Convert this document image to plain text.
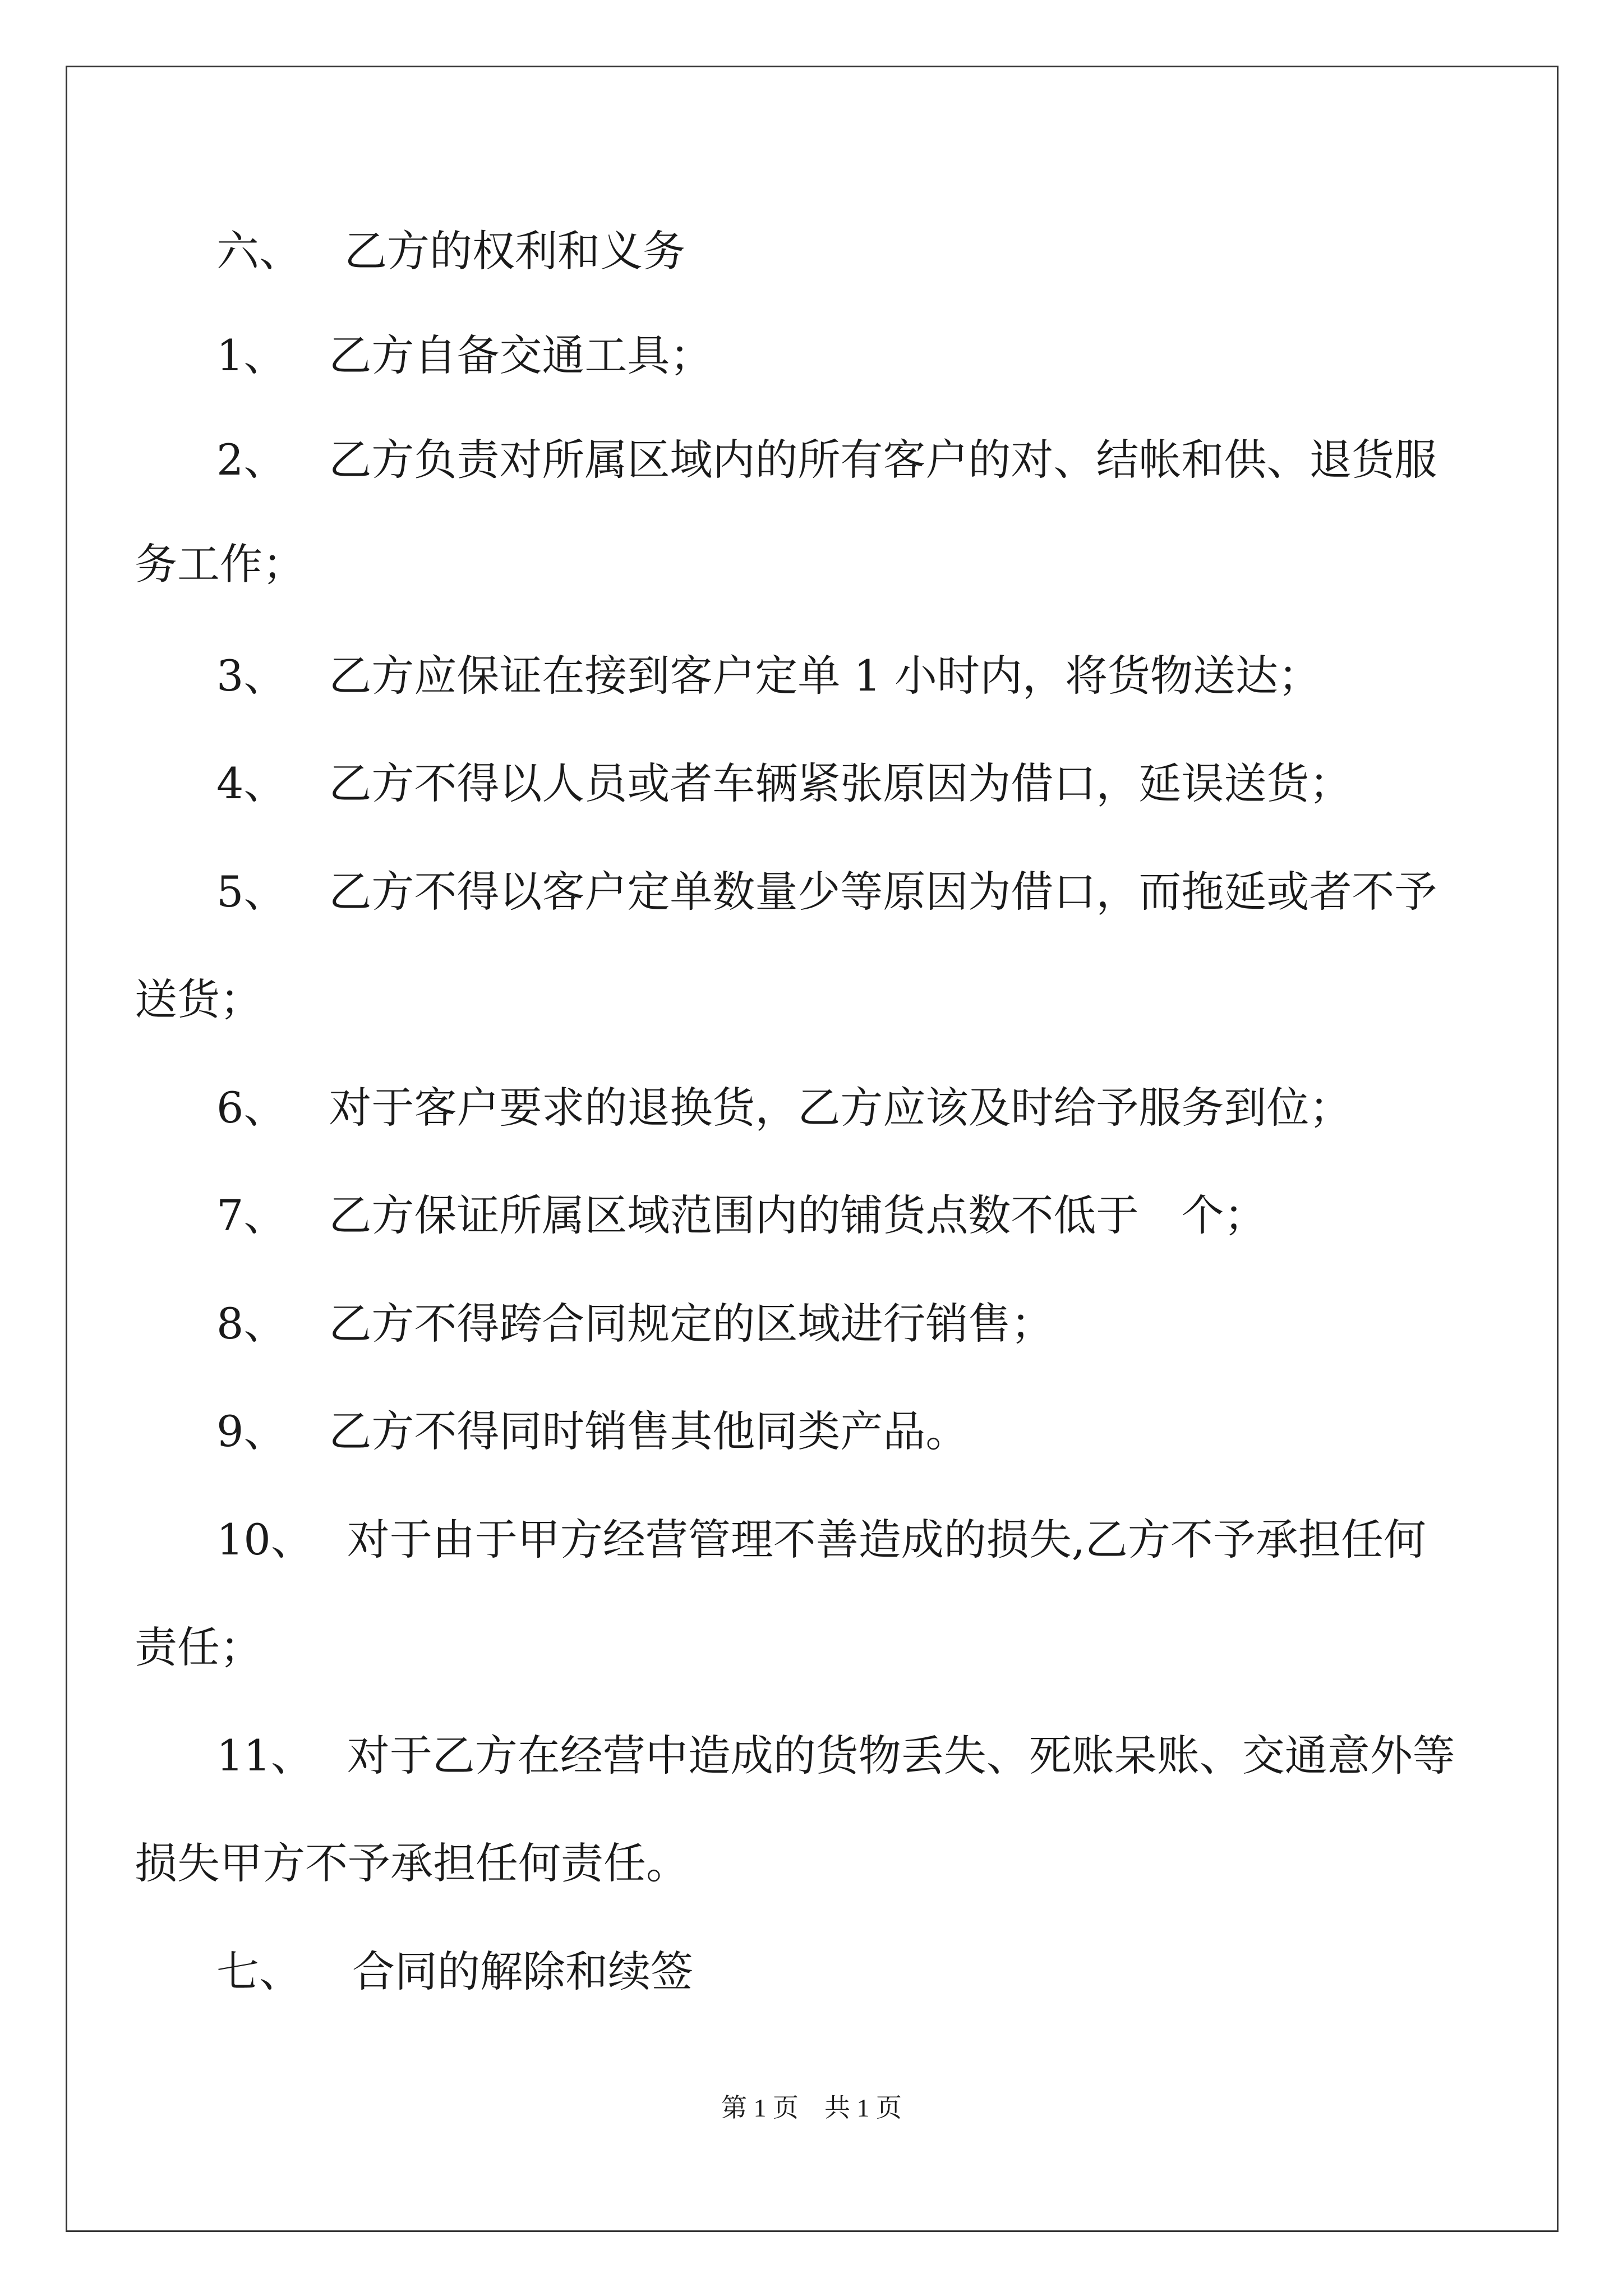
六、 乙方的权利和义务
1、 乙方自备交通工具；
2、 乙方负责对所属区域内的所有客户的对、结帐和供、退货服
务工作；
3、 乙方应保证在接到客户定单 1 小时内，将货物送达；
4、 乙方不得以人员或者车辆紧张原因为借口，延误送货；
5、 乙方不得以客户定单数量少等原因为借口，而拖延或者不予
送货；
6、 对于客户要求的退换货，乙方应该及时给予服务到位；
7、 乙方保证所属区域范围内的铺货点数不低于　个；
8、 乙方不得跨合同规定的区域进行销售；
9、 乙方不得同时销售其他同类产品。
10、 对于由于甲方经营管理不善造成的损失,乙方不予承担任何
责任；
11、 对于乙方在经营中造成的货物丢失、死账呆账、交通意外等
损失甲方不予承担任何责任。
七、 合同的解除和续签
第 1 页　共 1 页
